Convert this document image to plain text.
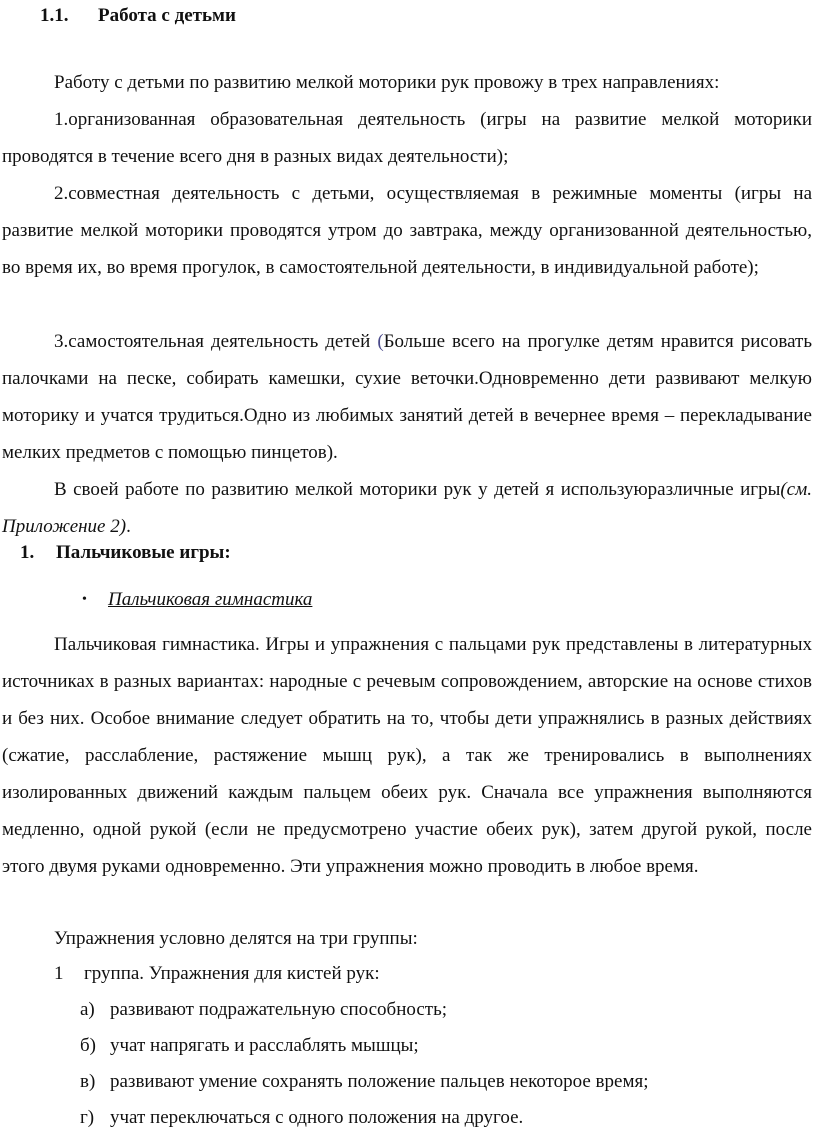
1.1. Работа с детьми

Работу с детьми по развитию мелкой моторики рук провожу в трех направлениях:

1.организованная образовательная деятельность (игры на развитие мелкой моторики проводятся в течение всего дня в разных видах деятельности);

2.совместная деятельность с детьми, осуществляемая в режимные моменты (игры на развитие мелкой моторики проводятся утром до завтрака, между организованной деятельностью, во время их, во время прогулок, в самостоятельной деятельности, в индивидуальной работе);

3.самостоятельная деятельность детей (Больше всего на прогулке детям нравится рисовать палочками на песке, собирать камешки, сухие веточки.Одновременно дети развивают мелкую моторику и учатся трудиться.Одно из любимых занятий детей в вечернее время – перекладывание мелких предметов с помощью пинцетов).

В своей работе по развитию мелкой моторики рук у детей я используюразличные игры(см. Приложение 2).

1. Пальчиковые игры:
• Пальчиковая гимнастика

Пальчиковая гимнастика. Игры и упражнения с пальцами рук представлены в литературных источниках в разных вариантах: народные с речевым сопровождением, авторские на основе стихов и без них. Особое внимание следует обратить на то, чтобы дети упражнялись в разных действиях (сжатие, расслабление, растяжение мышц рук), а так же тренировались в выполнениях изолированных движений каждым пальцем обеих рук. Сначала все упражнения выполняются медленно, одной рукой (если не предусмотрено участие обеих рук), затем другой рукой, после этого двумя руками одновременно. Эти упражнения можно проводить в любое время.

Упражнения условно делятся на три группы:
1 группа. Упражнения для кистей рук:
а) развивают подражательную способность;
б) учат напрягать и расслаблять мышцы;
в) развивают умение сохранять положение пальцев некоторое время;
г) учат переключаться с одного положения на другое.
